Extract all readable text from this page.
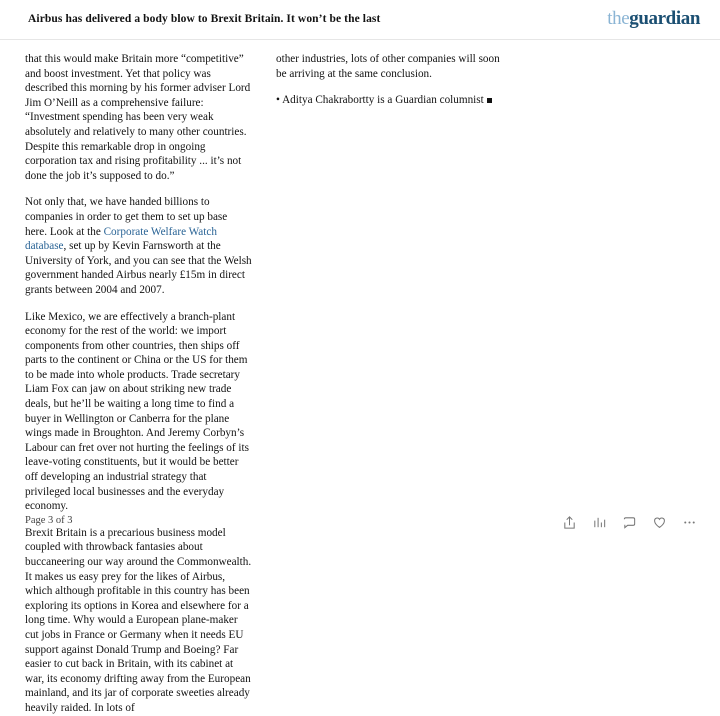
Airbus has delivered a body blow to Brexit Britain. It won’t be the last	theguardian

that this would make Britain more “competitive” and boost investment. Yet that policy was described this morning by his former adviser Lord Jim O’Neill as a comprehensive failure: “Investment spending has been very weak absolutely and relatively to many other countries. Despite this remarkable drop in ongoing corporation tax and rising profitability ... it’s not done the job it’s supposed to do.”

Not only that, we have handed billions to companies in order to get them to set up base here. Look at the Corporate Welfare Watch database, set up by Kevin Farnsworth at the University of York, and you can see that the Welsh government handed Airbus nearly £15m in direct grants between 2004 and 2007.

Like Mexico, we are effectively a branch-plant economy for the rest of the world: we import components from other countries, then ships off parts to the continent or China or the US for them to be made into whole products. Trade secretary Liam Fox can jaw on about striking new trade deals, but he’ll be waiting a long time to find a buyer in Wellington or Canberra for the plane wings made in Broughton. And Jeremy Corbyn’s Labour can fret over not hurting the feelings of its leave-voting constituents, but it would be better off developing an industrial strategy that privileged local businesses and the everyday economy.

Brexit Britain is a precarious business model coupled with throwback fantasies about buccaneering our way around the Commonwealth. It makes us easy prey for the likes of Airbus, which although profitable in this country has been exploring its options in Korea and elsewhere for a long time. Why would a European plane-maker cut jobs in France or Germany when it needs EU support against Donald Trump and Boeing? Far easier to cut back in Britain, with its cabinet at war, its economy drifting away from the European mainland, and its jar of corporate sweeties already heavily raided. In lots of

other industries, lots of other companies will soon be arriving at the same conclusion.

• Aditya Chakrabortty is a Guardian columnist

Page 3 of 3
